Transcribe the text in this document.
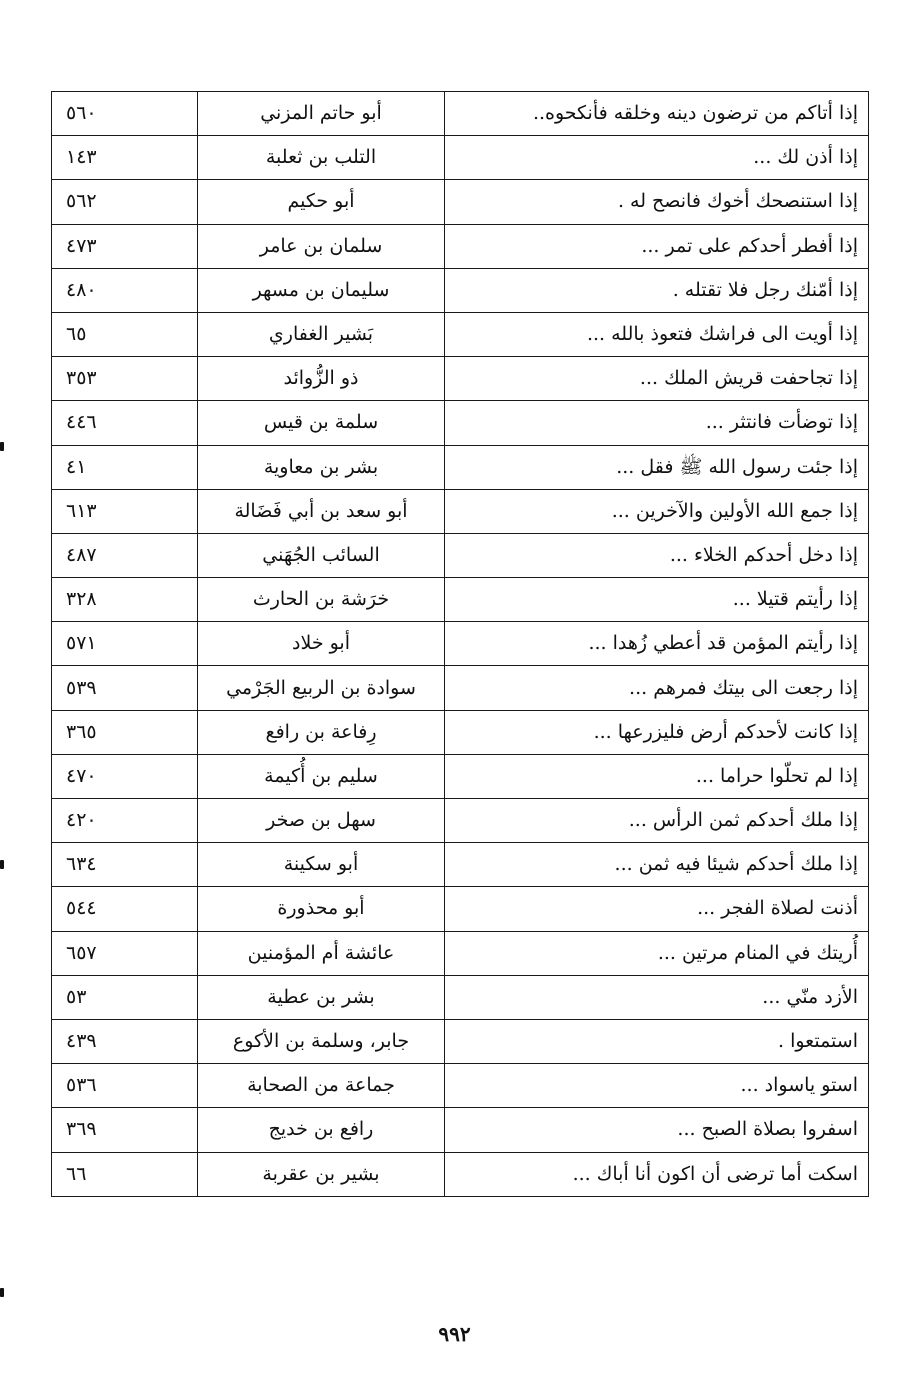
إذا أتاكم من ترضون دينه وخلقه فأنكحوه..	أبو حاتم المزني	٥٦٠
إذا أذن لك ...	التلب بن ثعلبة	١٤٣
إذا استنصحك أخوك فانصح له .	أبو حكيم	٥٦٢
إذا أفطر أحدكم على تمر ...	سلمان بن عامر	٤٧٣
إذا أمّنك رجل فلا تقتله .	سليمان بن مسهر	٤٨٠
إذا أويت الى فراشك فتعوذ بالله ...	بَشير الغفاري	٦٥
إذا تجاحفت قريش الملك ...	ذو الزُّوائد	٣٥٣
إذا توضأت فانتثر ...	سلمة بن قيس	٤٤٦
إذا جئت رسول الله ﷺ فقل ...	بشر بن معاوية	٤١
إذا جمع الله الأولين والآخرين ...	أبو سعد بن أبي فَضَالة	٦١٣
إذا دخل أحدكم الخلاء ...	السائب الجُهَني	٤٨٧
إذا رأيتم قتيلا ...	خرَشة بن الحارث	٣٢٨
إذا رأيتم المؤمن قد أعطي زُهدا ...	أبو خلاد	٥٧١
إذا رجعت الى بيتك فمرهم ...	سوادة بن الربيع الجَرْمي	٥٣٩
إذا كانت لأحدكم أرض فليزرعها ...	رِفاعة بن رافع	٣٦٥
إذا لم تحلّوا حراما ...	سليم بن أُكيمة	٤٧٠
إذا ملك أحدكم ثمن الرأس ...	سهل بن صخر	٤٢٠
إذا ملك أحدكم شيئا فيه ثمن ...	أبو سكينة	٦٣٤
أذنت لصلاة الفجر ...	أبو محذورة	٥٤٤
أُريتك في المنام مرتين ...	عائشة أم المؤمنين	٦٥٧
الأزد منّي ...	بشر بن عطية	٥٣
استمتعوا .	جابر، وسلمة بن الأكوع	٤٣٩
استو ياسواد ...	جماعة من الصحابة	٥٣٦
اسفروا بصلاة الصبح ...	رافع بن خديج	٣٦٩
اسكت أما ترضى أن اكون أنا أباك ...	بشير بن عقربة	٦٦
٩٩٢
